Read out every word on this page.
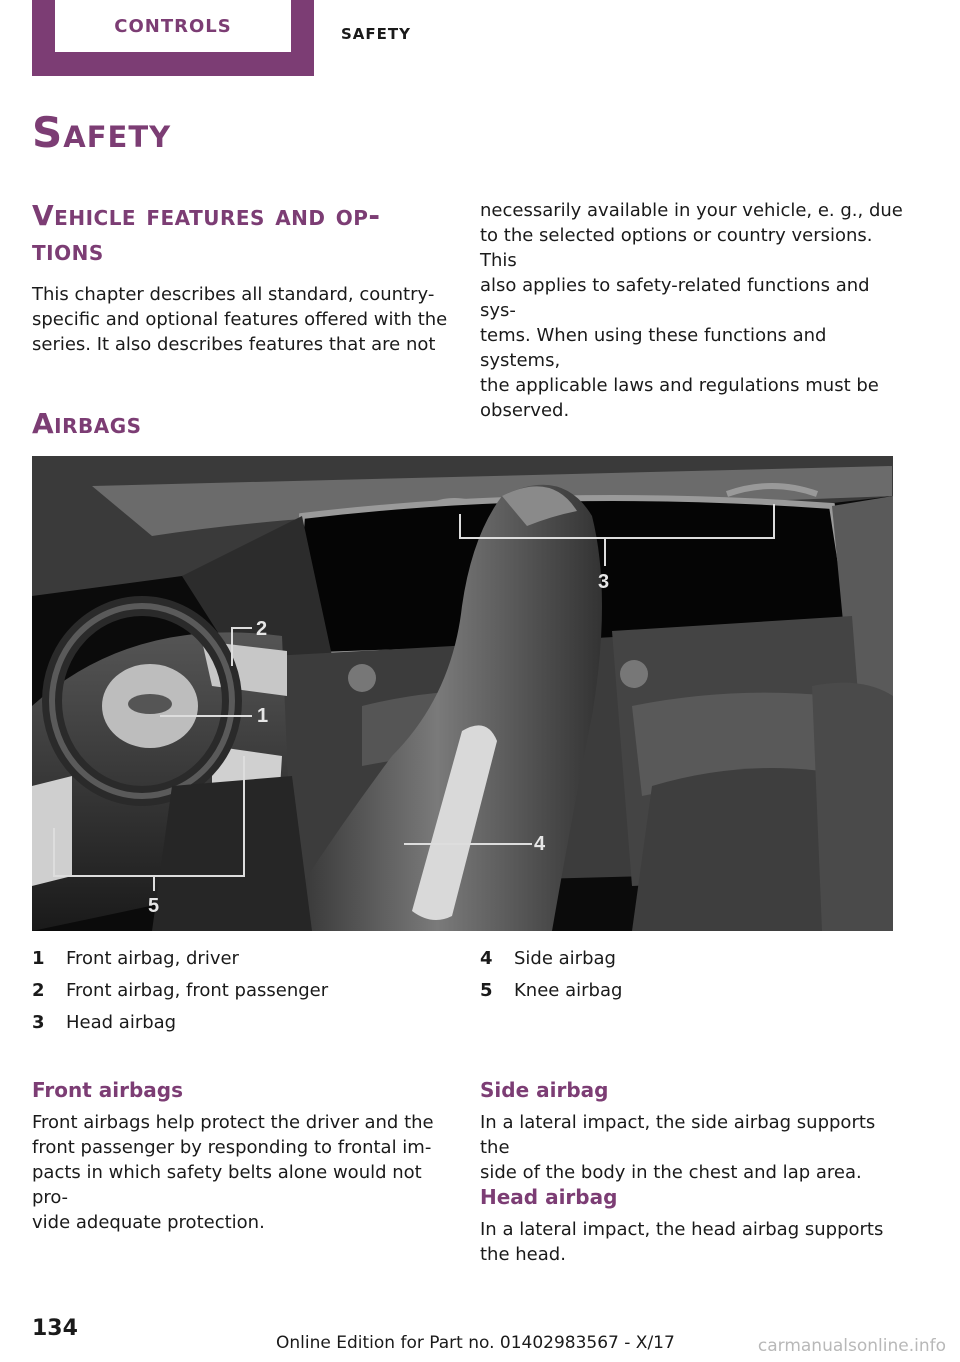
CONTROLS	SAFETY
Safety
Vehicle features and op‐
tions
This chapter describes all standard, country-
specific and optional features offered with the
series. It also describes features that are not
necessarily available in your vehicle, e. g., due
to the selected options or country versions. This
also applies to safety-related functions and sys‐
tems. When using these functions and systems,
the applicable laws and regulations must be
observed.
Airbags
3
2
1
4
5
1	Front airbag, driver
2	Front airbag, front passenger
3	Head airbag
4	Side airbag
5	Knee airbag
Front airbags
Front airbags help protect the driver and the
front passenger by responding to frontal im‐
pacts in which safety belts alone would not pro‐
vide adequate protection.
Side airbag
In a lateral impact, the side airbag supports the
side of the body in the chest and lap area.
Head airbag
In a lateral impact, the head airbag supports
the head.
134
Online Edition for Part no. 01402983567 - X/17	carmanualsonline.info
